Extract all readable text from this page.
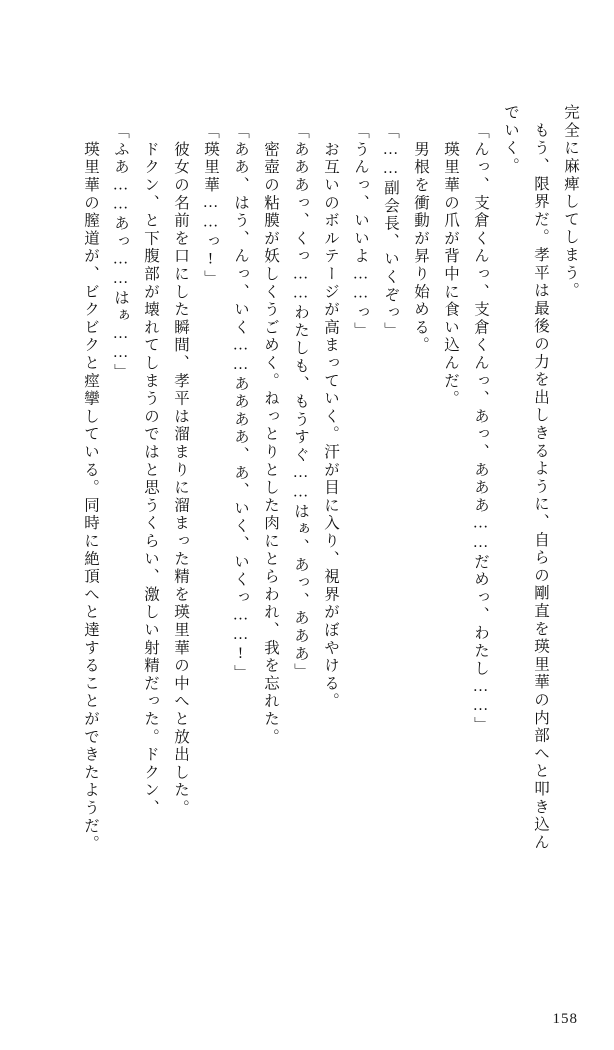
完全に麻痺してしまう。
　もう、限界だ。孝平は最後の力を出しきるように、自らの剛直を瑛里華の内部へと叩き込ん
でいく。
「んっ、支倉くんっ、支倉くんっ、あっ、あああ……だめっ、わたし……」
　瑛里華の爪が背中に食い込んだ。
　男根を衝動が昇り始める。
「……副会長、いくぞっ」
「うんっ、いいよ……っ」
　お互いのボルテージが高まっていく。汗が目に入り、視界がぼやける。
「あああっ、くっ……わたしも、もうすぐ……はぁ、あっ、あああ」
　密壺の粘膜が妖しくうごめく。ねっとりとした肉にとらわれ、我を忘れた。
「ああ、はう、んっ、いく……ああああ、あ、いく、いくっ……!」
「瑛里華……っ!」
　彼女の名前を口にした瞬間、孝平は溜まりに溜まった精を瑛里華の中へと放出した。
　ドクン、と下腹部が壊れてしまうのではと思うくらい、激しい射精だった。ドクン、
「ふあ……あっ……はぁ……」
　瑛里華の膣道が、ビクビクと痙攣している。同時に絶頂へと達することができたようだ。
158
